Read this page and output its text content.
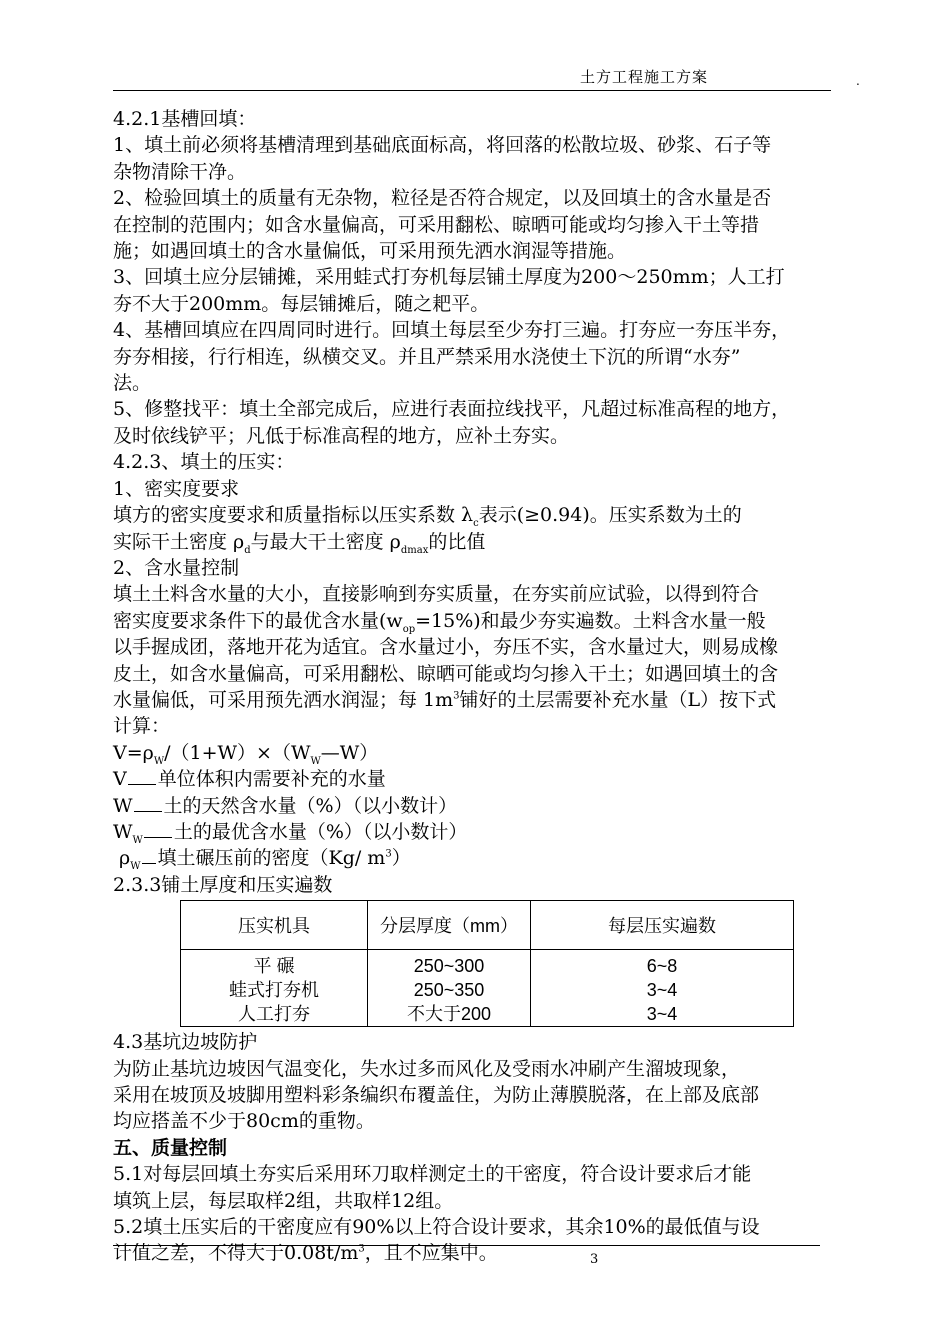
土方工程施工方案	.
4.2.1基槽回填：
1、填土前必须将基槽清理到基础底面标高，将回落的松散垃圾、砂浆、石子等
杂物清除干净。
2、检验回填土的质量有无杂物，粒径是否符合规定，以及回填土的含水量是否
在控制的范围内；如含水量偏高，可采用翻松、晾晒可能或均匀掺入干土等措
施；如遇回填土的含水量偏低，可采用预先洒水润湿等措施。
3、回填土应分层铺摊，采用蛙式打夯机每层铺土厚度为200～250mm；人工打
夯不大于200mm。每层铺摊后，随之耙平。
4、基槽回填应在四周同时进行。回填土每层至少夯打三遍。打夯应一夯压半夯，
夯夯相接，行行相连，纵横交叉。并且严禁采用水浇使土下沉的所谓“水夯”
法。
5、修整找平：填土全部完成后，应进行表面拉线找平，凡超过标准高程的地方，
及时依线铲平；凡低于标准高程的地方，应补土夯实。
4.2.3、填土的压实：
1、密实度要求
填方的密实度要求和质量指标以压实系数 $\lambda_c$表示(≥0.94)。压实系数为土的
实际干土密度 $\rho_d$与最大干土密度 $\rho_{dmax}$的比值
2、含水量控制
填土土料含水量的大小，直接影响到夯实质量，在夯实前应试验，以得到符合
密实度要求条件下的最优含水量$(w_{op}=15\%)$和最少夯实遍数。土料含水量一般
以手握成团，落地开花为适宜。含水量过小，夯压不实，含水量过大，则易成橡
皮土，如含水量偏高，可采用翻松、晾晒可能或均匀掺入干土；如遇回填土的含
水量偏低，可采用预先洒水润湿；每 $1m^3$铺好的土层需要补充水量（L）按下式
计算：
$V=\rho_W/(1+W)\times(W_W—W)$
V 单位体积内需要补充的水量
W 土的天然含水量（%）（以小数计）
$W_W$ 土的最优含水量（%）（以小数计）
$\rho_W$ 填土碾压前的密度（Kg/ $m^3$）
2.3.3铺土厚度和压实遍数
压实机具	分层厚度（mm）	每层压实遍数
平 碾	250~300	6~8
蛙式打夯机	250~350	3~4
人工打夯	不大于200	3~4
4.3基坑边坡防护
为防止基坑边坡因气温变化，失水过多而风化及受雨水冲刷产生溜坡现象，
采用在坡顶及坡脚用塑料彩条编织布覆盖住，为防止薄膜脱落，在上部及底部
均应搭盖不少于80cm的重物。
五、质量控制
5.1对每层回填土夯实后采用环刀取样测定土的干密度，符合设计要求后才能
填筑上层，每层取样2组，共取样12组。
5.2填土压实后的干密度应有90%以上符合设计要求，其余10%的最低值与设
计值之差，不得大于$0.08t/m^3$，且不应集中。	3
